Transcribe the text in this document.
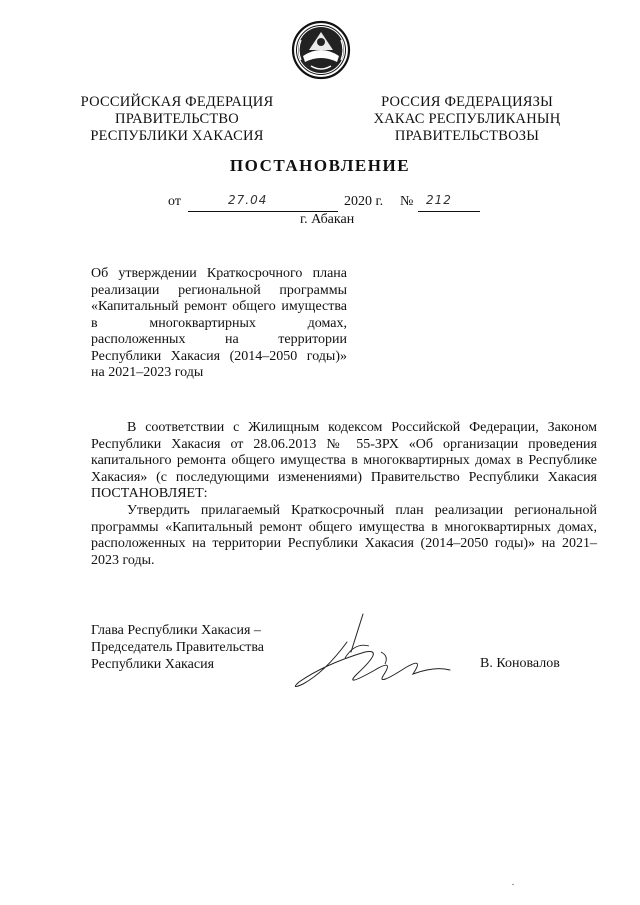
РОССИЙСКАЯ ФЕДЕРАЦИЯ
ПРАВИТЕЛЬСТВО
РЕСПУБЛИКИ ХАКАСИЯ
РОССИЯ ФЕДЕРАЦИЯЗЫ
ХАКАС РЕСПУБЛИКАНЫҢ
ПРАВИТЕЛЬСТВОЗЫ
ПОСТАНОВЛЕНИЕ
от	27.04	2020 г. № 212
г. Абакан
Об утверждении Краткосрочного плана
реализации региональной программы
«Капитальный ремонт общего имущества
в многоквартирных домах,
расположенных на территории
Республики Хакасия (2014–2050 годы)»
на 2021–2023 годы
В соответствии с Жилищным кодексом Российской Федерации, Законом Республики Хакасия от 28.06.2013 № 55-ЗРХ «Об организации проведения капитального ремонта общего имущества в многоквартирных домах в Республике Хакасия» (с последующими изменениями) Правительство Республики Хакасия ПОСТАНОВЛЯЕТ:
Утвердить прилагаемый Краткосрочный план реализации региональной программы «Капитальный ремонт общего имущества в многоквартирных домах, расположенных на территории Республики Хакасия (2014–2050 годы)» на 2021–2023 годы.
Глава Республики Хакасия –
Председатель Правительства
Республики Хакасия	В. Коновалов
